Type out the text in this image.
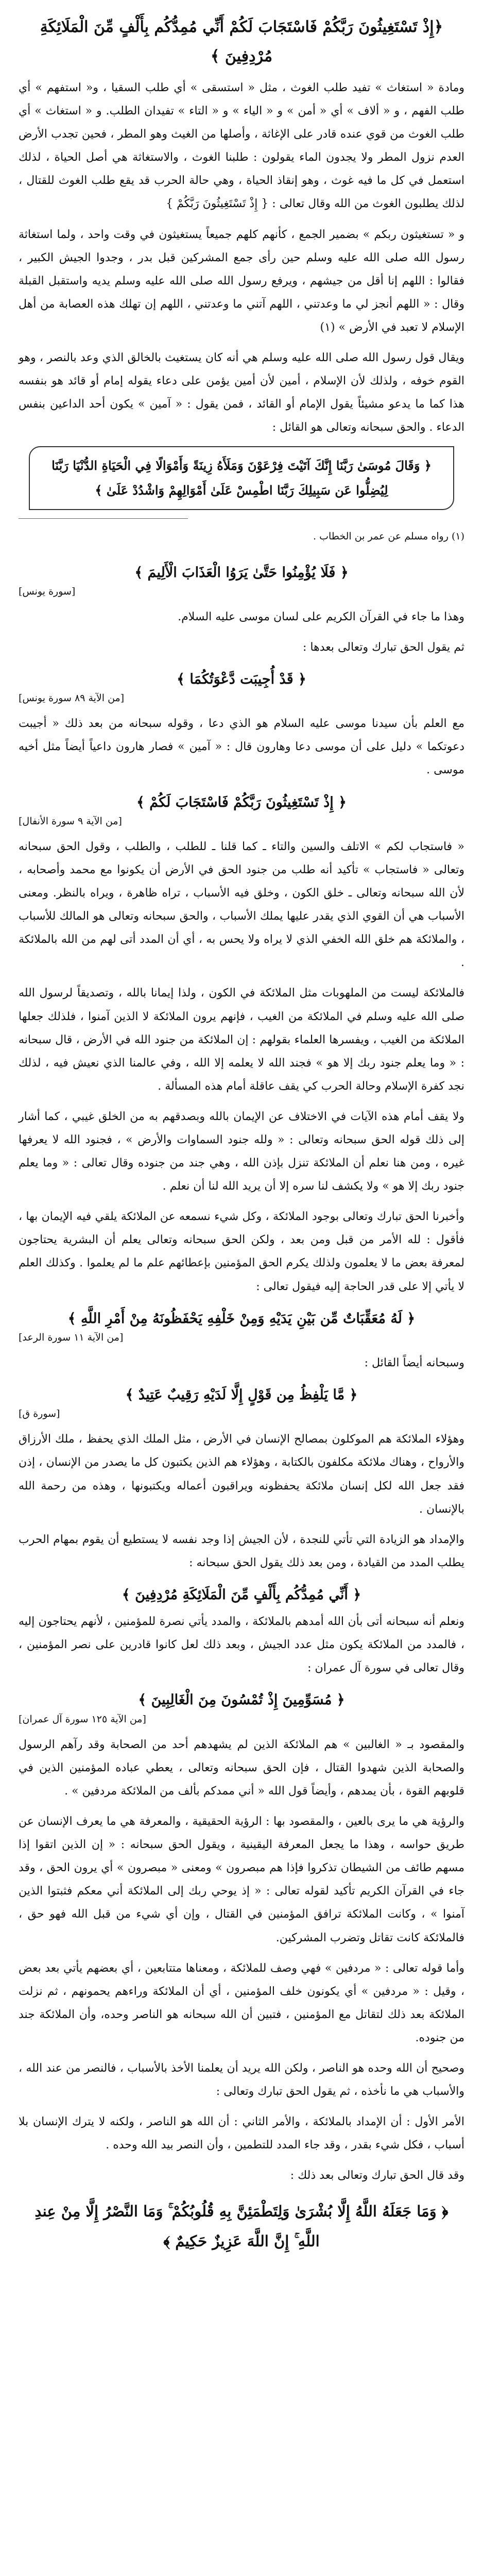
﴿إِذْ تَسْتَغِيثُونَ رَبَّكُمْ فَاسْتَجَابَ لَكُمْ أَنِّي مُمِدُّكُم بِأَلْفٍ مِّنَ الْمَلَائِكَةِ مُرْدِفِينَ ﴾

ومادة « استغاث » تفيد طلب الغوث ، مثل « استسقى » أي طلب السقيا ، و« استفهم » أي طلب الفهم ، و « ألاف » أي « أمن » و « الياء » و « التاء » تفيدان الطلب. و « استغاث » أي طلب الغوث من قوي عنده قادر على الإغاثة ، وأصلها من الغيث وهو المطر ، فحين تجدب الأرض العدم نزول المطر ولا يجدون الماء يقولون : طلبنا الغوث ، والاستغاثة هي أصل الحياة ، لذلك استعمل في كل ما فيه غوث ، وهو إنقاذ الحياة ، وهي حالة الحرب قد يقع طلب الغوث للقتال ، لذلك يطلبون الغوث من الله وقال تعالى : { إِذْ تَسْتَغِيثُونَ رَبَّكُمْ }

و « تستغيثون ربكم » بضمير الجمع ، كأنهم كلهم جميعاً يستغيثون في وقت واحد ، ولما استغاثة رسول الله صلى الله عليه وسلم حين رأى جمع المشركين قبل بدر ، وجدوا الجيش الكبير ، فقالوا : اللهم إنا أقل من جيشهم ، ويرفع رسول الله صلى الله عليه وسلم يديه واستقبل القبلة وقال : « اللهم أنجز لي ما وعدتني ، اللهم آتني ما وعدتني ، اللهم إن تهلك هذه العصابة من أهل الإسلام لا تعبد في الأرض » (١)

ويقال قول رسول الله صلى الله عليه وسلم هي أنه كان يستغيث بالخالق الذي وعد بالنصر ، وهو القوم خوفه ، ولذلك لأن الإسلام ، أمين لأن أمين يؤمن على دعاء يقوله إمام أو قائد هو بنفسه هذا كما ما يدعو مشيئاً يقول الإمام أو القائد ، فمن يقول : « آمين » يكون أحد الداعين بنفس الدعاء . والحق سبحانه وتعالى هو القائل :

﴿ وَقَالَ مُوسَىٰ رَبَّنَا إِنَّكَ آتَيْتَ فِرْعَوْنَ وَمَلَأَهُ زِينَةً وَأَمْوَالًا فِي الْحَيَاةِ الدُّنْيَا رَبَّنَا لِيُضِلُّوا عَن سَبِيلِكَ رَبَّنَا اطْمِسْ عَلَىٰ أَمْوَالِهِمْ وَاشْدُدْ عَلَىٰ ﴾
(١) رواه مسلم عن عمر بن الخطاب .
﴿ فَلَا يُؤْمِنُوا حَتَّىٰ يَرَوُا الْعَذَابَ الْأَلِيمَ ﴾
[سورة يونس]

وهذا ما جاء في القرآن الكريم على لسان موسى عليه السلام.

ثم يقول الحق تبارك وتعالى بعدها :

﴿ قَدْ أُجِيبَت دَّعْوَتُكُمَا ﴾
[من الآية ٨٩ سورة يونس]

مع العلم بأن سيدنا موسى عليه السلام هو الذي دعا ، وقوله سبحانه من بعد ذلك « أجيبت دعوتكما » دليل على أن موسى دعا وهارون قال : « آمين » فصار هارون داعياً أيضاً مثل أخيه موسى .

﴿ إِذْ تَسْتَغِيثُونَ رَبَّكُمْ فَاسْتَجَابَ لَكُمْ ﴾
[من الآية ٩ سورة الأنفال]

« فاستجاب لكم » الاتلف والسين والتاء ـ كما قلنا ـ للطلب ، والطلب ، وقول الحق سبحانه وتعالى « فاستجاب » تأكيد أنه طلب من جنود الحق في الأرض أن يكونوا مع محمد وأصحابه ، لأن الله سبحانه وتعالى ـ خلق الكون ، وخلق فيه الأسباب ، تراه ظاهرة ، ويراه بالنظر. ومعنى الأسباب هي أن القوي الذي يقدر عليها يملك الأسباب ، والحق سبحانه وتعالى هو المالك للأسباب ، والملائكة هم خلق الله الخفي الذي لا يراه ولا يحس به ، أي أن المدد أتى لهم من الله بالملائكة .

فالملائكة ليست من الملهوبات مثل الملائكة في الكون ، ولذا إيمانا بالله ، وتصديقاً لرسول الله صلى الله عليه وسلم في الملائكة من الغيب ، فإنهم يرون الملائكة لا الذين آمنوا ، فلذلك جعلها الملائكة من الغيب ، ويفسرها العلماء بقولهم : إن الملائكة من جنود الله في الأرض ، قال سبحانه : « وما يعلم جنود ربك إلا هو » فجند الله لا يعلمه إلا الله ، وفي عالمنا الذي نعيش فيه ، لذلك نجد كفرة الإسلام وحالة الحرب كي يقف عاقلة أمام هذه المسألة .

ولا يقف أمام هذه الآيات في الاختلاف عن الإيمان بالله وبصدقهم به من الخلق غيبي ، كما أشار إلى ذلك قوله الحق سبحانه وتعالى : « ولله جنود السماوات والأرض » ، فجنود الله لا يعرفها غيره ، ومن هنا نعلم أن الملائكة تنزل بإذن الله ، وهي جند من جنوده وقال تعالى : « وما يعلم جنود ربك إلا هو » ولا يكشف لنا سره إلا أن يريد الله لنا أن نعلم .

وأخبرنا الحق تبارك وتعالى بوجود الملائكة ، وكل شيء نسمعه عن الملائكة يلقي فيه الإيمان بها ، فأقول : لله الأمر من قبل ومن بعد ، ولكن الحق سبحانه وتعالى يعلم أن البشرية يحتاجون لمعرفة بعض ما لا يعلمون ولذلك يكرم الحق المؤمنين بإعطائهم علم ما لم يعلموا . وكذلك العلم لا يأتي إلا على قدر الحاجة إليه فيقول تعالى :

﴿ لَهُ مُعَقِّبَاتٌ مِّن بَيْنِ يَدَيْهِ وَمِنْ خَلْفِهِ يَحْفَظُونَهُ مِنْ أَمْرِ اللَّهِ ﴾
[من الآية ١١ سورة الرعد]

وسبحانه أيضاً القائل :

﴿ مَّا يَلْفِظُ مِن قَوْلٍ إِلَّا لَدَيْهِ رَقِيبٌ عَتِيدٌ ﴾
[سورة ق]

وهؤلاء الملائكة هم الموكلون بمصالح الإنسان في الأرض ، مثل الملك الذي يحفظ ، ملك الأرزاق والأرواح ، وهناك ملائكة مكلفون بالكتابة ، وهؤلاء هم الذين يكتبون كل ما يصدر من الإنسان ، إذن فقد جعل الله لكل إنسان ملائكة يحفظونه ويراقبون أعماله ويكتبونها ، وهذه من رحمة الله بالإنسان .

والإمداد هو الزيادة التي تأتي للنجدة ، لأن الجيش إذا وجد نفسه لا يستطيع أن يقوم بمهام الحرب يطلب المدد من القيادة ، ومن بعد ذلك يقول الحق سبحانه :

﴿ أَنِّي مُمِدُّكُم بِأَلْفٍ مِّنَ الْمَلَائِكَةِ مُرْدِفِينَ ﴾

ونعلم أنه سبحانه أتى بأن الله أمدهم بالملائكة ، والمدد يأتي نصرة للمؤمنين ، لأنهم يحتاجون إليه ، فالمدد من الملائكة يكون مثل عدد الجيش ، وبعد ذلك لعل كانوا قادرين على نصر المؤمنين ، وقال تعالى في سورة آل عمران :

﴿ مُسَوِّمِينَ إِذْ تُمْسُونَ مِنَ الْغَالِبِينَ ﴾
[من الآية ١٢٥ سورة آل عمران]

والمقصود بـ « الغالبين » هم الملائكة الذين لم يشهدهم أحد من الصحابة وقد رآهم الرسول والصحابة الذين شهدوا القتال ، فإن الحق سبحانه وتعالى ، يعطي عباده المؤمنين الذين في قلوبهم القوة ، بأن يمدهم ، وأيضاً قول الله « أني ممدكم بألف من الملائكة مردفين » .

والرؤية هي ما يرى بالعين ، والمقصود بها : الرؤية الحقيقية ، والمعرفة هي ما يعرف الإنسان عن طريق حواسه ، وهذا ما يجعل المعرفة اليقينية ، ويقول الحق سبحانه : « إن الذين اتقوا إذا مسهم طائف من الشيطان تذكروا فإذا هم مبصرون » ومعنى « مبصرون » أي يرون الحق ، وقد جاء في القرآن الكريم تأكيد لقوله تعالى : « إذ يوحي ربك إلى الملائكة أني معكم فثبتوا الذين آمنوا » ، وكانت الملائكة ترافق المؤمنين في القتال ، وإن أي شيء من قبل الله فهو حق ، فالملائكة كانت تقاتل وتضرب المشركين.

وأما قوله تعالى : « مردفين » فهي وصف للملائكة ، ومعناها متتابعين ، أي بعضهم يأتي بعد بعض ، وقيل : « مردفين » أي يكونون خلف المؤمنين ، أي أن الملائكة وراءهم يحمونهم ، ثم نزلت الملائكة بعد ذلك لتقاتل مع المؤمنين ، فتبين أن الله سبحانه هو الناصر وحده، وأن الملائكة جند من جنوده.

وصحيح أن الله وحده هو الناصر ، ولكن الله يريد أن يعلمنا الأخذ بالأسباب ، فالنصر من عند الله ، والأسباب هي ما نأخذه ، ثم يقول الحق تبارك وتعالى :

الأمر الأول : أن الإمداد بالملائكة ، والأمر الثاني : أن الله هو الناصر ، ولكنه لا يترك الإنسان بلا أسباب ، فكل شيء بقدر ، وقد جاء المدد للتطمين ، وأن النصر بيد الله وحده .

وقد قال الحق تبارك وتعالى بعد ذلك :

﴿ وَمَا جَعَلَهُ اللَّهُ إِلَّا بُشْرَىٰ وَلِتَطْمَئِنَّ بِهِ قُلُوبُكُمْ ۚ وَمَا النَّصْرُ إِلَّا مِنْ عِندِ اللَّهِ ۚ إِنَّ اللَّهَ عَزِيزٌ حَكِيمٌ ﴾
